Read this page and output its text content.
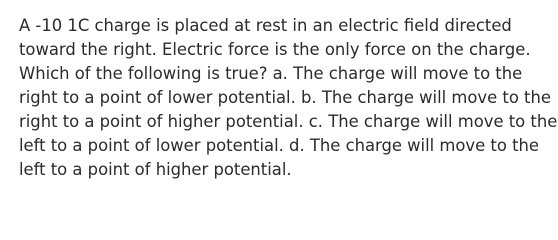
A -10 1C charge is placed at rest in an electric field directed
toward the right. Electric force is the only force on the charge.
Which of the following is true? a. The charge will move to the
right to a point of lower potential. b. The charge will move to the
right to a point of higher potential. c. The charge will move to the
left to a point of lower potential. d. The charge will move to the
left to a point of higher potential.
